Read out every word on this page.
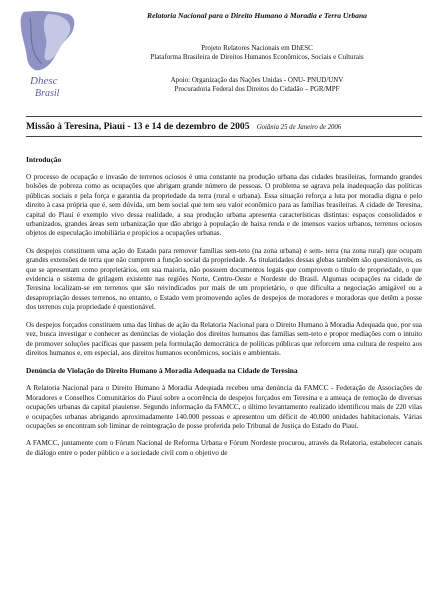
Dhesc
Brasil
Relatoria Nacional para o Direito Humano à Moradia e Terra Urbana
Projeto Relatores Nacionais em DhESC
Plataforma Brasileira de Direitos Humanos Econômicos, Sociais e Culturais
Apoio: Organização das Nações Unidas - ONU- PNUD/UNV
Procuradoria Federal dos Direitos do Cidadão – PGR/MPF
Missão à Teresina, Piauí - 13 e 14 de dezembro de 2005 Goiânia 25 de Janeiro de 2006
Introdução

O processo de ocupação e invasão de terrenos ociosos é uma constante na produção urbana das cidades brasileiras, formando grandes bolsões de pobreza como as ocupações que abrigam grande número de pessoas. O problema se agrava pela inadequação das políticas públicas sociais e pela força e garantia da propriedade da terra (rural e urbana). Essa situação reforça a luta por moradia digna e pelo direito à casa própria que é, sem dúvida, um bem social que tem seu valor econômico para as famílias brasileiras. A cidade de Teresina, capital do Piauí é exemplo vivo dessa realidade, a sua produção urbana apresenta características distintas: espaços consolidados e urbanizados, grandes áreas sem urbanização que dão abrigo à população de baixa renda e de imensos vazios urbanos, terrenos ociosos objetos de especulação imobiliária e propícios a ocupações urbanas.

Os despejos constituem uma ação do Estado para remover famílias sem-teto (na zona urbana) e sem- terra (na zona rural) que ocupam grandes extensões de terra que não cumprem a função social da propriedade. As titularidades dessas glebas também são questionáveis, os que se apresentam como proprietários, em sua maioria, não possuem documentos legais que comprovem o título de propriedade, o que evidencia o sistema de grilagem existente nas regiões Norte, Centro-Oeste e Nordeste do Brasil. Algumas ocupações na cidade de Teresina localizam-se em terrenos que são reivindicados por mais de um proprietário, o que dificulta a negociação amigável ou a desapropriação desses terrenos, no entanto, o Estado vem promovendo ações de despejos de moradores e moradoras que detêm a posse dos terrenos cuja propriedade é questionável.

Os despejos forçados constituem uma das linhas de ação da Relatoria Nacional para o Direito Humano à Moradia Adequada que, por sua vez, busca investigar e conhecer as denúncias de violação dos direitos humanos das famílias sem-teto e propor mediações com o intuito de promover soluções pacíficas que passem pela formulação democrática de políticas públicas que reforcem uma cultura de respeito aos direitos humanos e, em especial, aos direitos humanos econômicos, sociais e ambientais.

Denúncia de Violação do Direito Humano à Moradia Adequada na Cidade de Teresina

A Relatoria Nacional para o Direito Humano à Moradia Adequada recebeu uma denúncia da FAMCC - Federação de Associações de Moradores e Conselhos Comunitários do Piauí sobre a ocorrência de despejos forçados em Teresina e a ameaça de remoção de diversas ocupações urbanas da capital piauiense. Segundo informação da FAMCC, o último levantamento realizado identificou mais de 220 vilas e ocupações urbanas abrigando aproximadamente 140.000 pessoas e apresentou um déficit de 40.000 unidades habitacionais. Várias ocupações se encontram sob liminar de reintegração de posse proferida pelo Tribunal de Justiça do Estado do Piauí.

A FAMCC, juntamente com o Fórum Nacional de Reforma Urbana e Fórum Nordeste procurou, através da Relatoria, estabelecer canais de diálogo entre o poder público e a sociedade civil com o objetivo de
